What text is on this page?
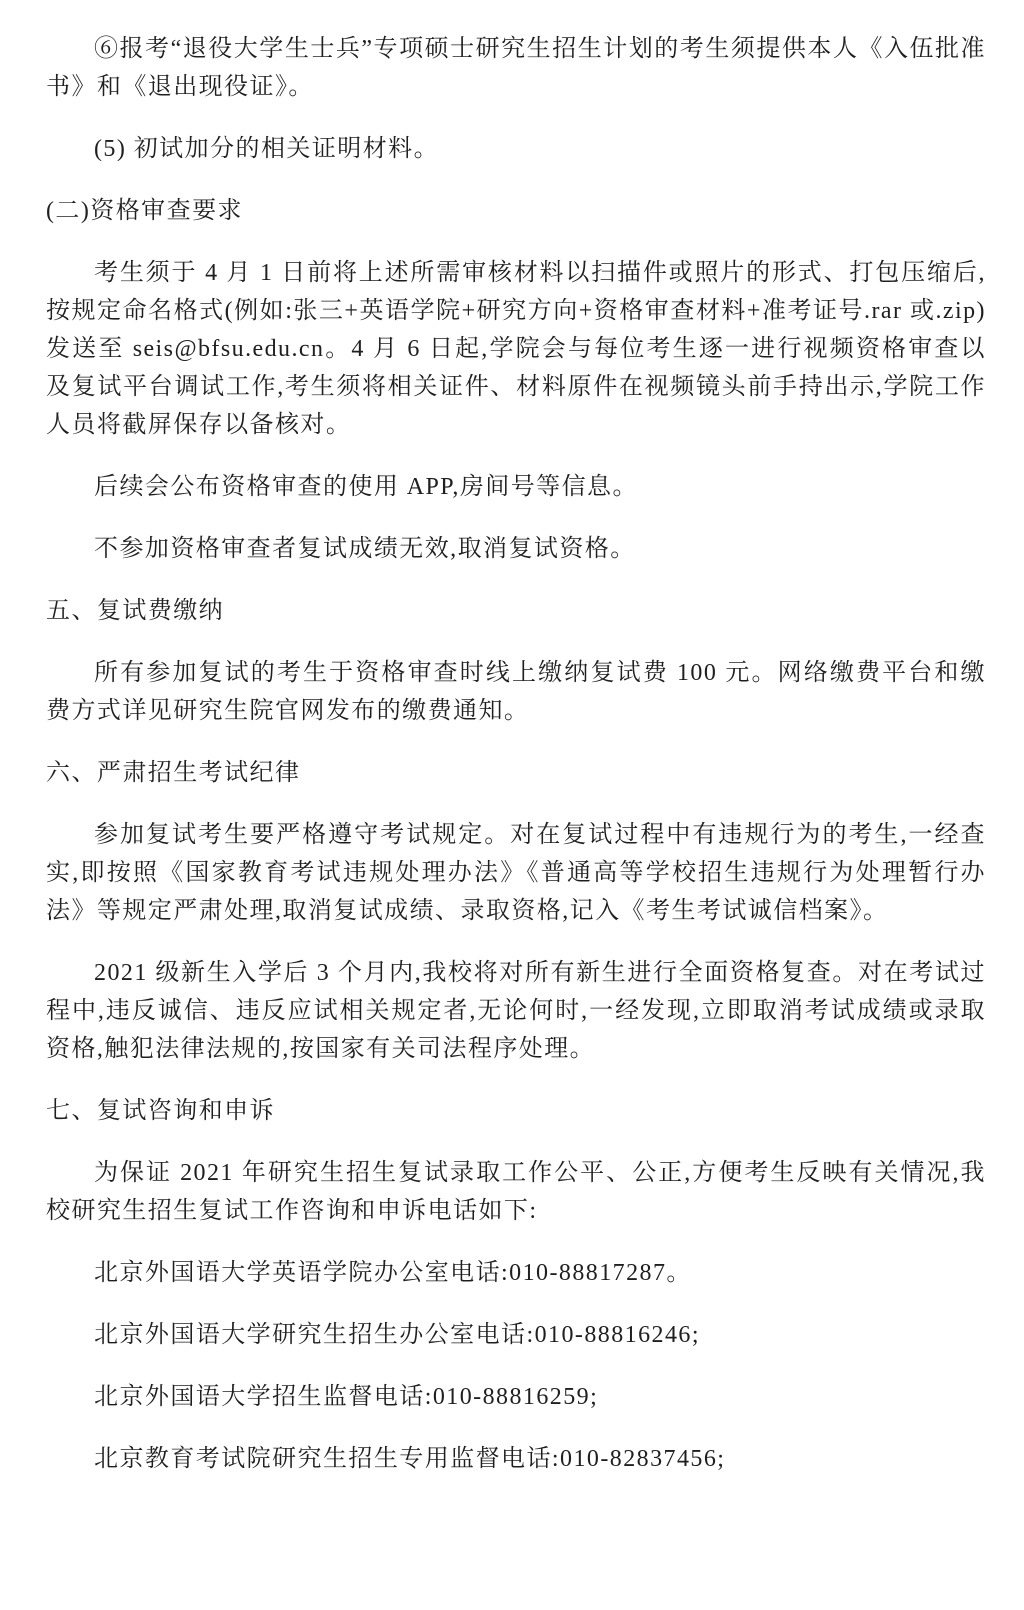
⑥报考“退役大学生士兵”专项硕士研究生招生计划的考生须提供本人《入伍批准书》和《退出现役证》。

(5) 初试加分的相关证明材料。

(二)资格审查要求

考生须于 4 月 1 日前将上述所需审核材料以扫描件或照片的形式、打包压缩后,按规定命名格式(例如:张三+英语学院+研究方向+资格审查材料+准考证号.rar 或.zip)发送至 seis@bfsu.edu.cn。4 月 6 日起,学院会与每位考生逐一进行视频资格审查以及复试平台调试工作,考生须将相关证件、材料原件在视频镜头前手持出示,学院工作人员将截屏保存以备核对。

后续会公布资格审查的使用 APP,房间号等信息。

不参加资格审查者复试成绩无效,取消复试资格。

五、复试费缴纳

所有参加复试的考生于资格审查时线上缴纳复试费 100 元。网络缴费平台和缴费方式详见研究生院官网发布的缴费通知。

六、严肃招生考试纪律

参加复试考生要严格遵守考试规定。对在复试过程中有违规行为的考生,一经查实,即按照《国家教育考试违规处理办法》《普通高等学校招生违规行为处理暂行办法》等规定严肃处理,取消复试成绩、录取资格,记入《考生考试诚信档案》。

2021 级新生入学后 3 个月内,我校将对所有新生进行全面资格复查。对在考试过程中,违反诚信、违反应试相关规定者,无论何时,一经发现,立即取消考试成绩或录取资格,触犯法律法规的,按国家有关司法程序处理。

七、复试咨询和申诉

为保证 2021 年研究生招生复试录取工作公平、公正,方便考生反映有关情况,我校研究生招生复试工作咨询和申诉电话如下:

北京外国语大学英语学院办公室电话:010-88817287。

北京外国语大学研究生招生办公室电话:010-88816246;

北京外国语大学招生监督电话:010-88816259;

北京教育考试院研究生招生专用监督电话:010-82837456;
